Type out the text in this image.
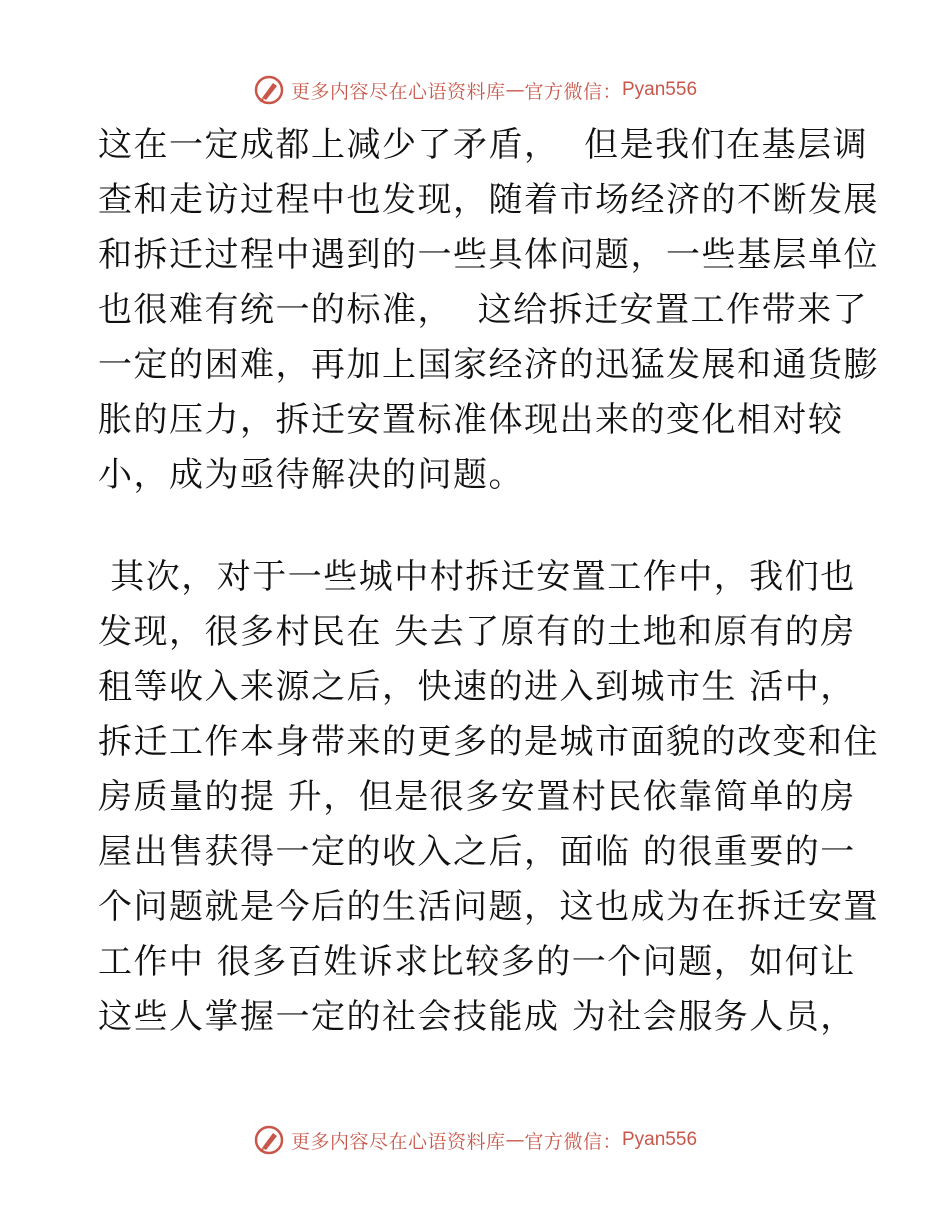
更多内容尽在心语资料库 — 官方微信： Pyan556
这在一定成都上减少了矛盾，  但是我们在基层调
查和走访过程中也发现，随着市场经济的不断发展
和拆迁过程中遇到的一些具体问题，一些基层单位
也很难有统一的标准，  这给拆迁安置工作带来了
一定的困难，再加上国家经济的迅猛发展和通货膨
胀的压力，拆迁安置标准体现出来的变化相对较
小，成为亟待解决的问题。
其次，对于一些城中村拆迁安置工作中，我们也
发现，很多村民在 失去了原有的土地和原有的房
租等收入来源之后，快速的进入到城市生 活中，
拆迁工作本身带来的更多的是城市面貌的改变和住
房质量的提 升，但是很多安置村民依靠简单的房
屋出售获得一定的收入之后，面临 的很重要的一
个问题就是今后的生活问题，这也成为在拆迁安置
工作中 很多百姓诉求比较多的一个问题，如何让
这些人掌握一定的社会技能成 为社会服务人员，
更多内容尽在心语资料库 — 官方微信： Pyan556
